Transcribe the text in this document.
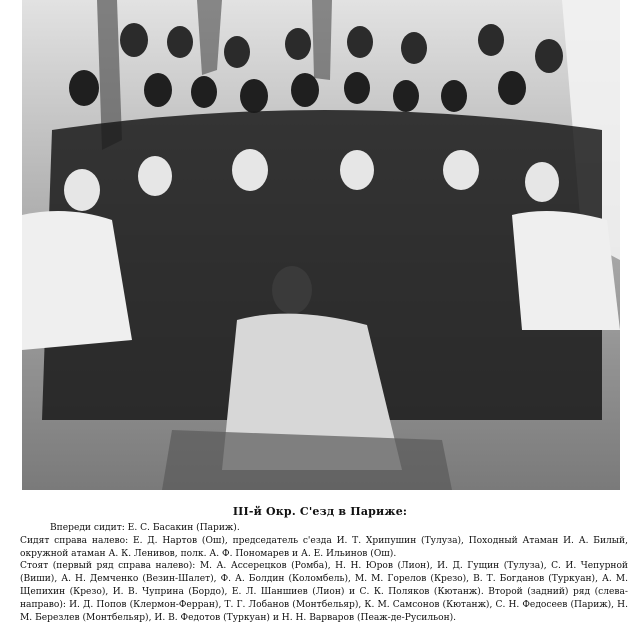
III-й Окр. С'езд в Париже:

Впереди сидит: Е. С. Басакин (Париж).

Сидят справа налево: Е. Д. Нартов (Ош), председатель с'езда И. Т. Хрипушин (Тулуза), Походный Атаман И. А. Билый, окружной атаман А. К. Ленивов, полк. А. Ф. Пономарев и А. Е. Ильинов (Ош).

Стоят (первый ряд справа налево): М. А. Ассерецков (Ромба), Н. Н. Юров (Лион), И. Д. Гущин (Тулуза), С. И. Чепурной (Виши), А. Н. Демченко (Везин-Шалет), Ф. А. Болдин (Коломбель), М. М. Горелов (Крезо), В. Т. Богданов (Туркуан), А. М. Щепихин (Крезо), И. В. Чуприна (Бордо), Е. Л. Шаншиев (Лион) и С. К. Поляков (Кютанж). Второй (задний) ряд (слева-направо): И. Д. Попов (Клермон-Ферран), Т. Г. Лобанов (Монтбельяр), К. М. Самсонов (Кютанж), С. Н. Федосеев (Париж), Н. М. Березлев (Монтбельяр), И. В. Федотов (Туркуан) и Н. Н. Варваров (Пеаж-де-Русильон).
